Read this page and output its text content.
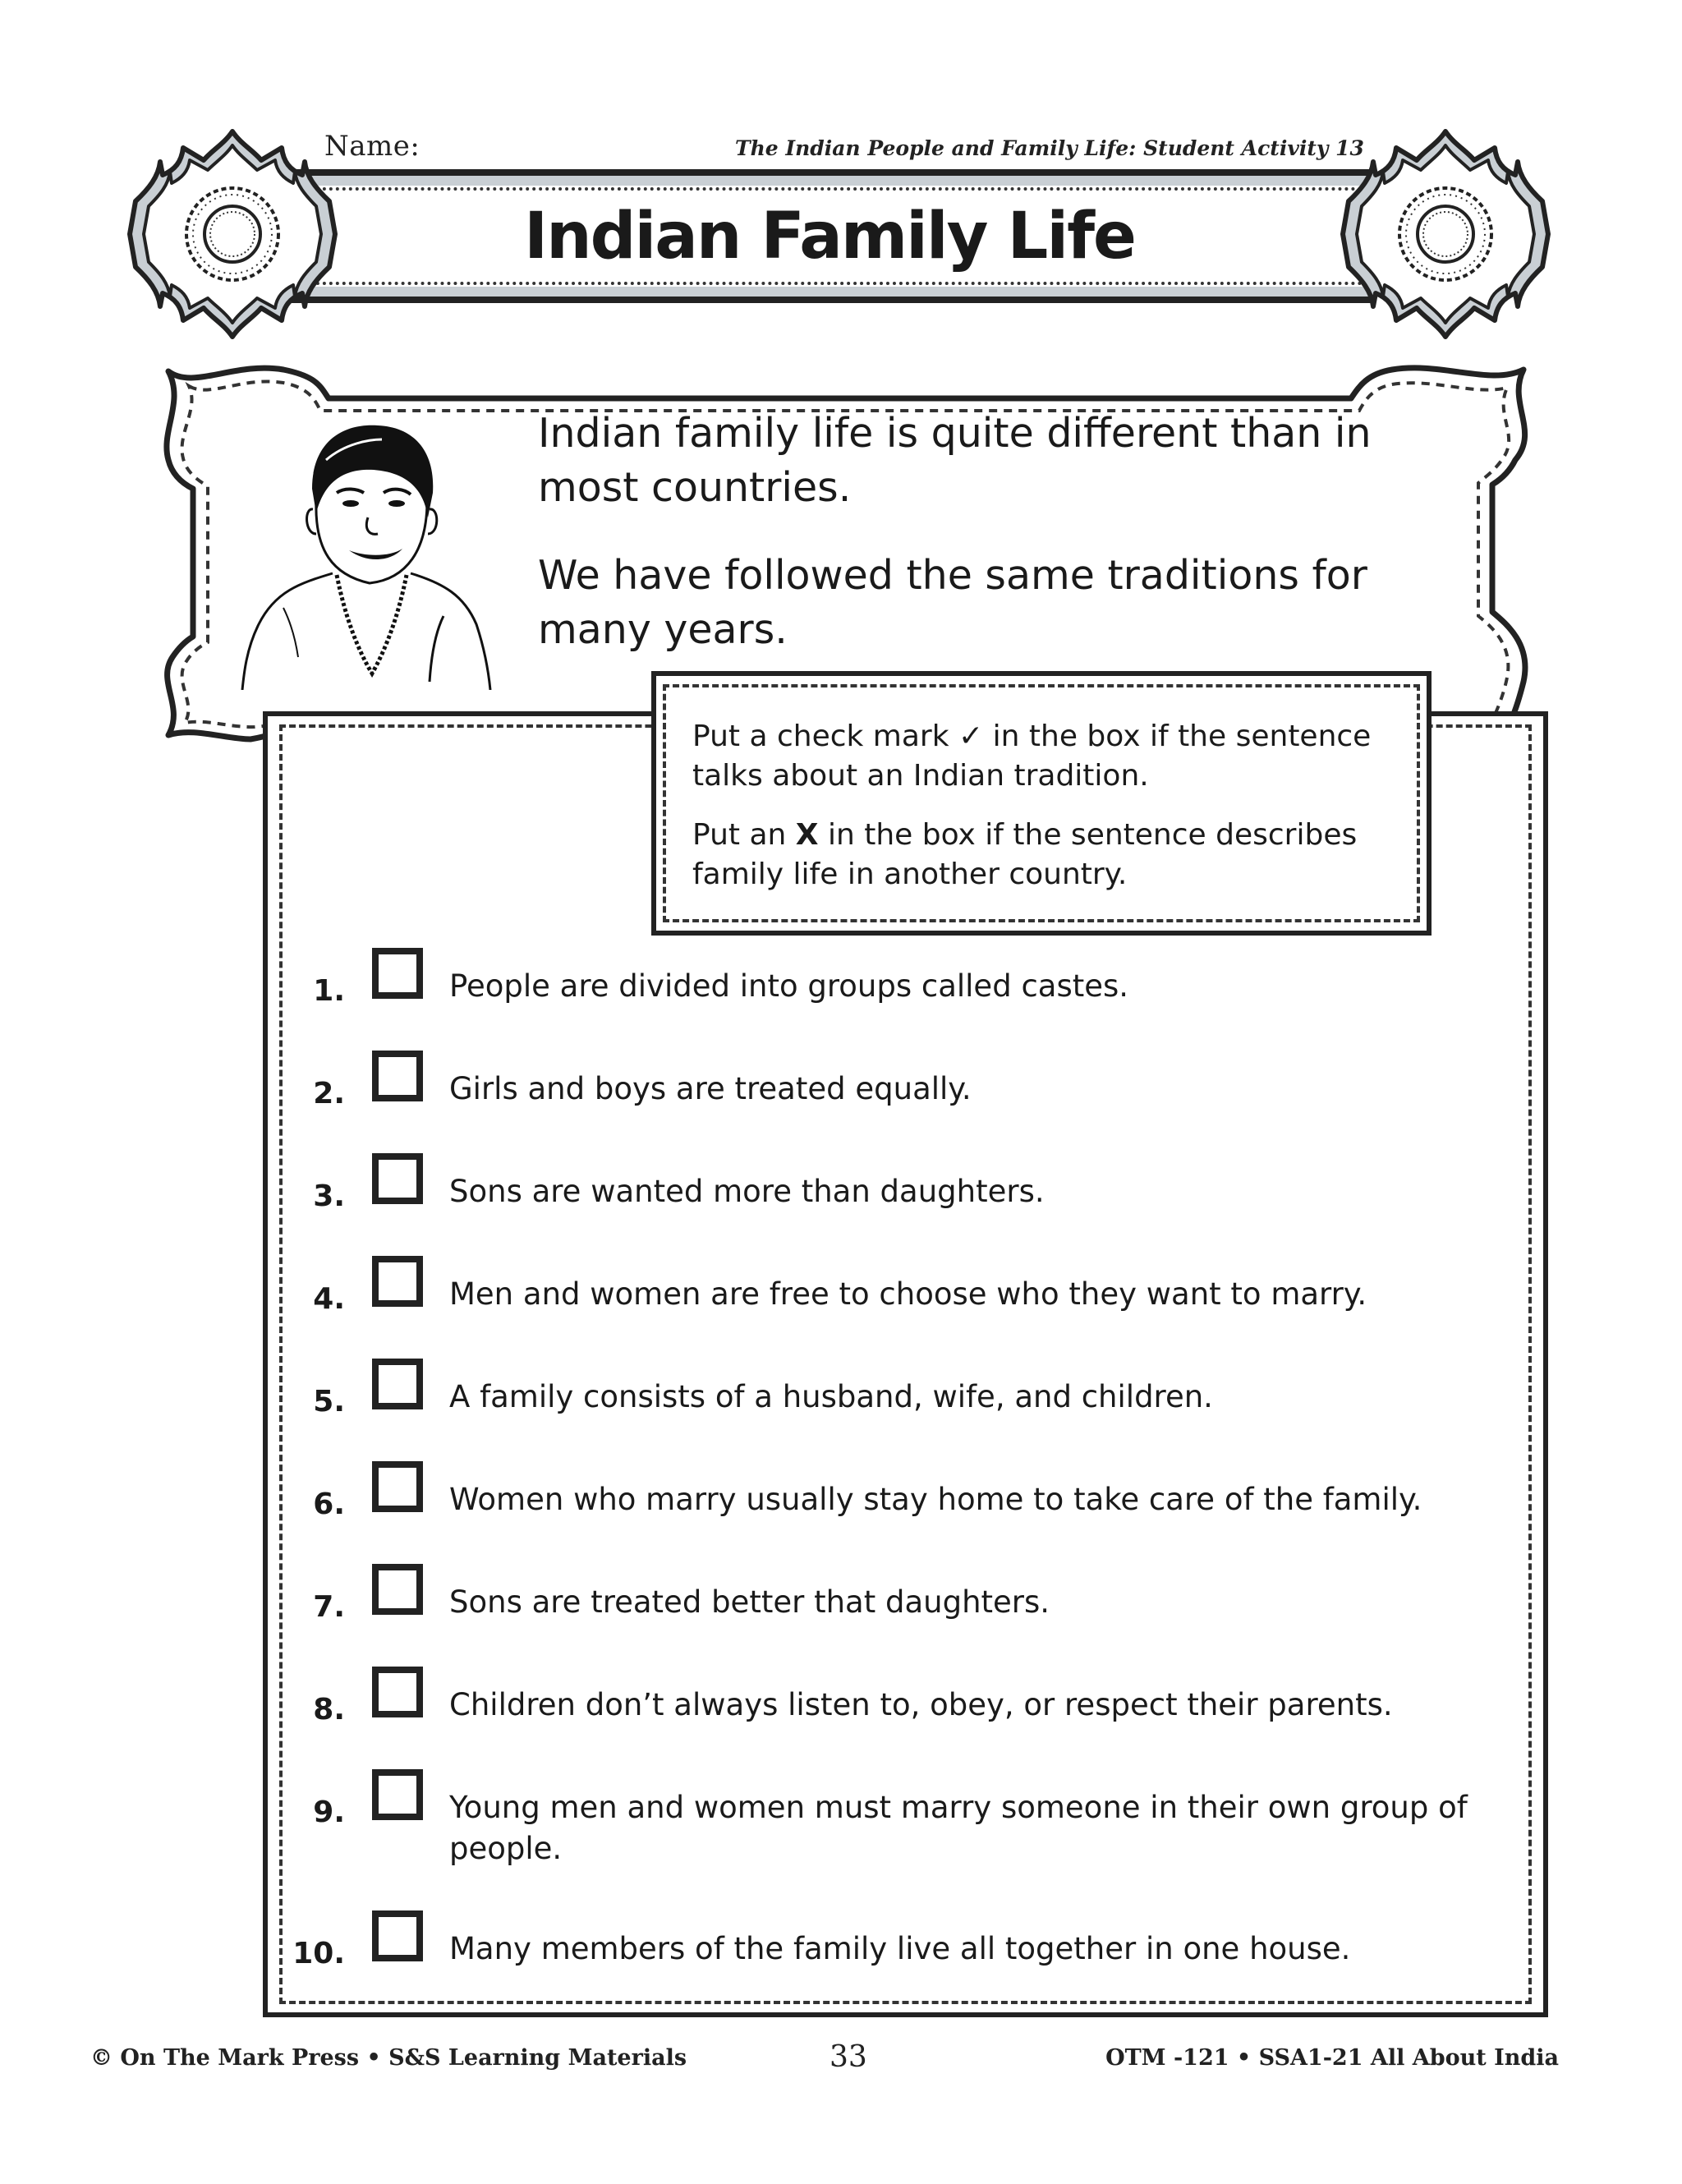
Name:	The Indian People and Family Life: Student Activity 13
Indian Family Life
Indian family life is quite different than in most countries.
We have followed the same traditions for many years.
Put a check mark ✓ in the box if the sentence talks about an Indian tradition.
Put an X in the box if the sentence describes family life in another country.
1.	People are divided into groups called castes.
2.	Girls and boys are treated equally.
3.	Sons are wanted more than daughters.
4.	Men and women are free to choose who they want to marry.
5.	A family consists of a husband, wife, and children.
6.	Women who marry usually stay home to take care of the family.
7.	Sons are treated better that daughters.
8.	Children don’t always listen to, obey, or respect their parents.
9.	Young men and women must marry someone in their own group of people.
10.	Many members of the family live all together in one house.
© On The Mark Press • S&S Learning Materials	33	OTM -121 • SSA1-21 All About India
